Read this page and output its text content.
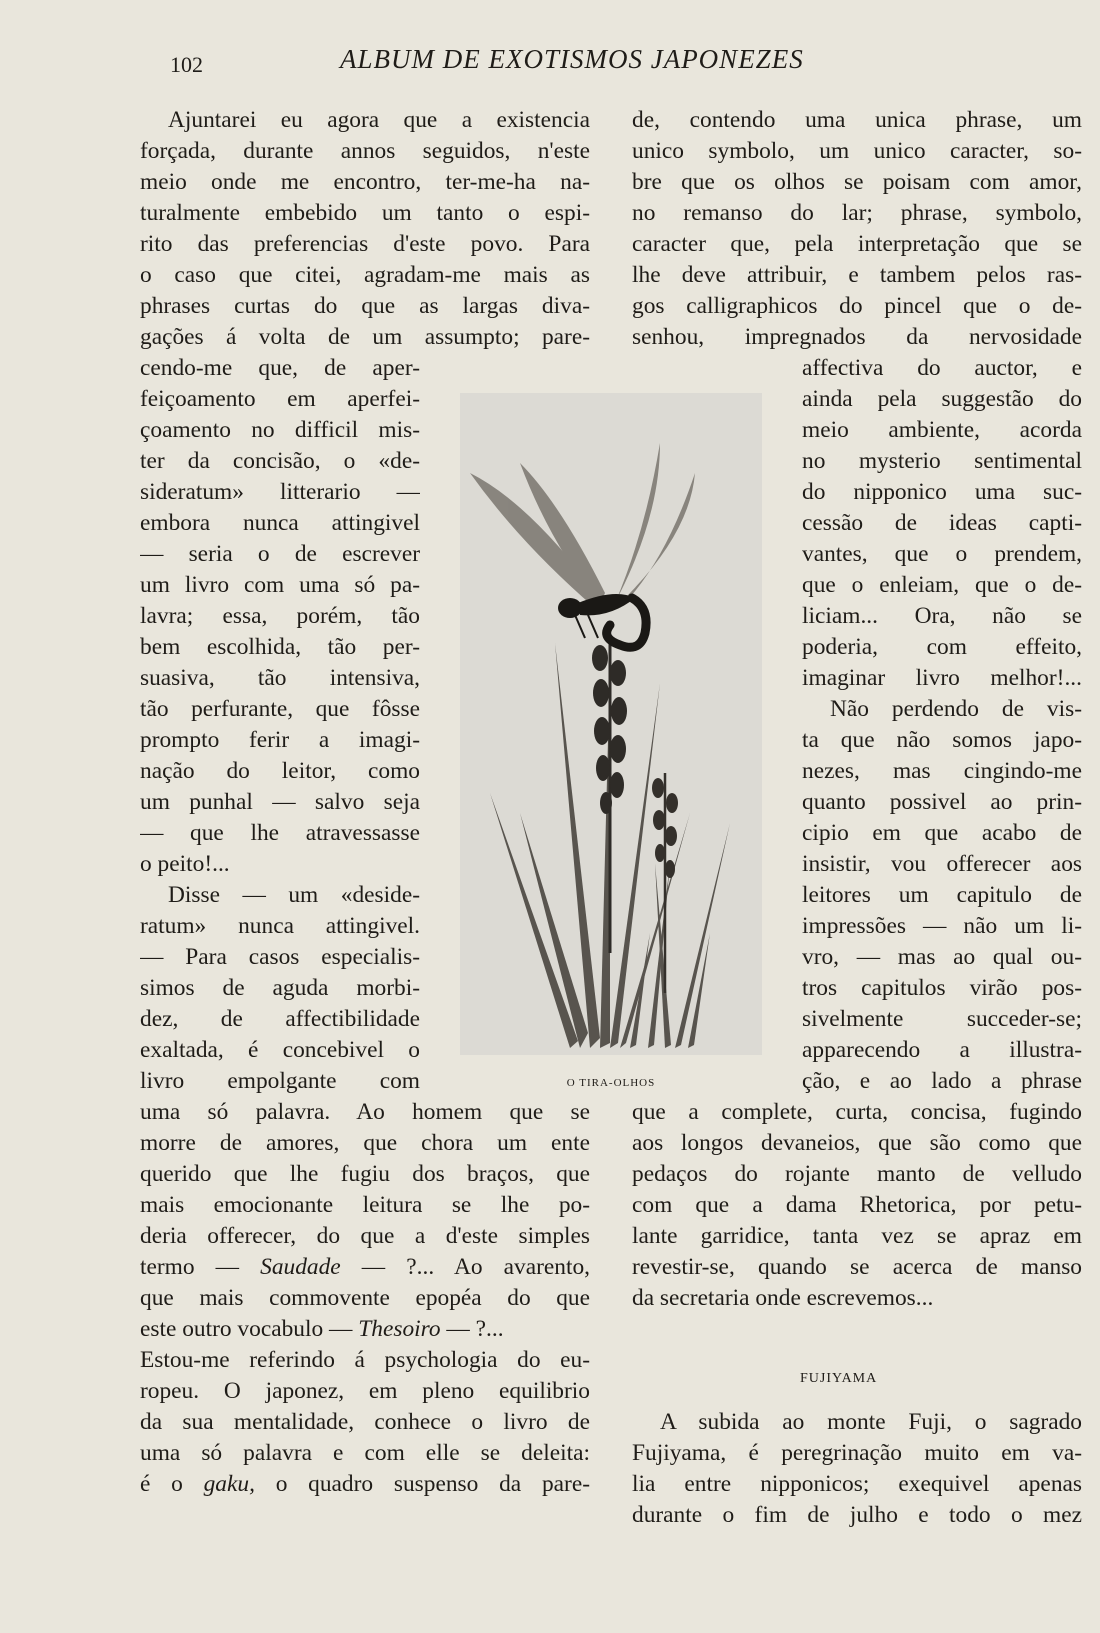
102	ALBUM DE EXOTISMOS JAPONEZES
Ajuntarei eu agora que a existencia
forçada, durante annos seguidos, n'este
meio onde me encontro, ter-me-ha na-
turalmente embebido um tanto o espi-
rito das preferencias d'este povo. Para
o caso que citei, agradam-me mais as
phrases curtas do que as largas diva-
gações á volta de um assumpto; pare-
cendo-me que, de aper-
feiçoamento em aperfei-
çoamento no difficil mis-
ter da concisão, o «de-
sideratum» litterario —
embora nunca attingivel
— seria o de escrever
um livro com uma só pa-
lavra; essa, porém, tão
bem escolhida, tão per-
suasiva, tão intensiva,
tão perfurante, que fôsse
prompto ferir a imagi-
nação do leitor, como
um punhal — salvo seja
— que lhe atravessasse
o peito!...
Disse — um «deside-
ratum» nunca attingivel.
— Para casos especialis-
simos de aguda morbi-
dez, de affectibilidade
exaltada, é concebivel o
livro empolgante com
uma só palavra. Ao homem que se
morre de amores, que chora um ente
querido que lhe fugiu dos braços, que
mais emocionante leitura se lhe po-
deria offerecer, do que a d'este simples
termo — Saudade — ?... Ao avarento,
que mais commovente epopéa do que
este outro vocabulo — Thesoiro — ?...
Estou-me referindo á psychologia do eu-
ropeu. O japonez, em pleno equilibrio
da sua mentalidade, conhece o livro de
uma só palavra e com elle se deleita:
é o gaku, o quadro suspenso da pare-
O TIRA-OLHOS
de, contendo uma unica phrase, um
unico symbolo, um unico caracter, so-
bre que os olhos se poisam com amor,
no remanso do lar; phrase, symbolo,
caracter que, pela interpretação que se
lhe deve attribuir, e tambem pelos ras-
gos calligraphicos do pincel que o de-
senhou, impregnados da nervosidade
affectiva do auctor, e
ainda pela suggestão do
meio ambiente, acorda
no mysterio sentimental
do nipponico uma suc-
cessão de ideas capti-
vantes, que o prendem,
que o enleiam, que o de-
liciam... Ora, não se
poderia, com effeito,
imaginar livro melhor!...
Não perdendo de vis-
ta que não somos japo-
nezes, mas cingindo-me
quanto possivel ao prin-
cipio em que acabo de
insistir, vou offerecer aos
leitores um capitulo de
impressões — não um li-
vro, — mas ao qual ou-
tros capitulos virão pos-
sivelmente succeder-se;
apparecendo a illustra-
ção, e ao lado a phrase
que a complete, curta, concisa, fugindo
aos longos devaneios, que são como que
pedaços do rojante manto de velludo
com que a dama Rhetorica, por petu-
lante garridice, tanta vez se apraz em
revestir-se, quando se acerca de manso
da secretaria onde escrevemos...
FUJIYAMA
A subida ao monte Fuji, o sagrado
Fujiyama, é peregrinação muito em va-
lia entre nipponicos; exequivel apenas
durante o fim de julho e todo o mez
